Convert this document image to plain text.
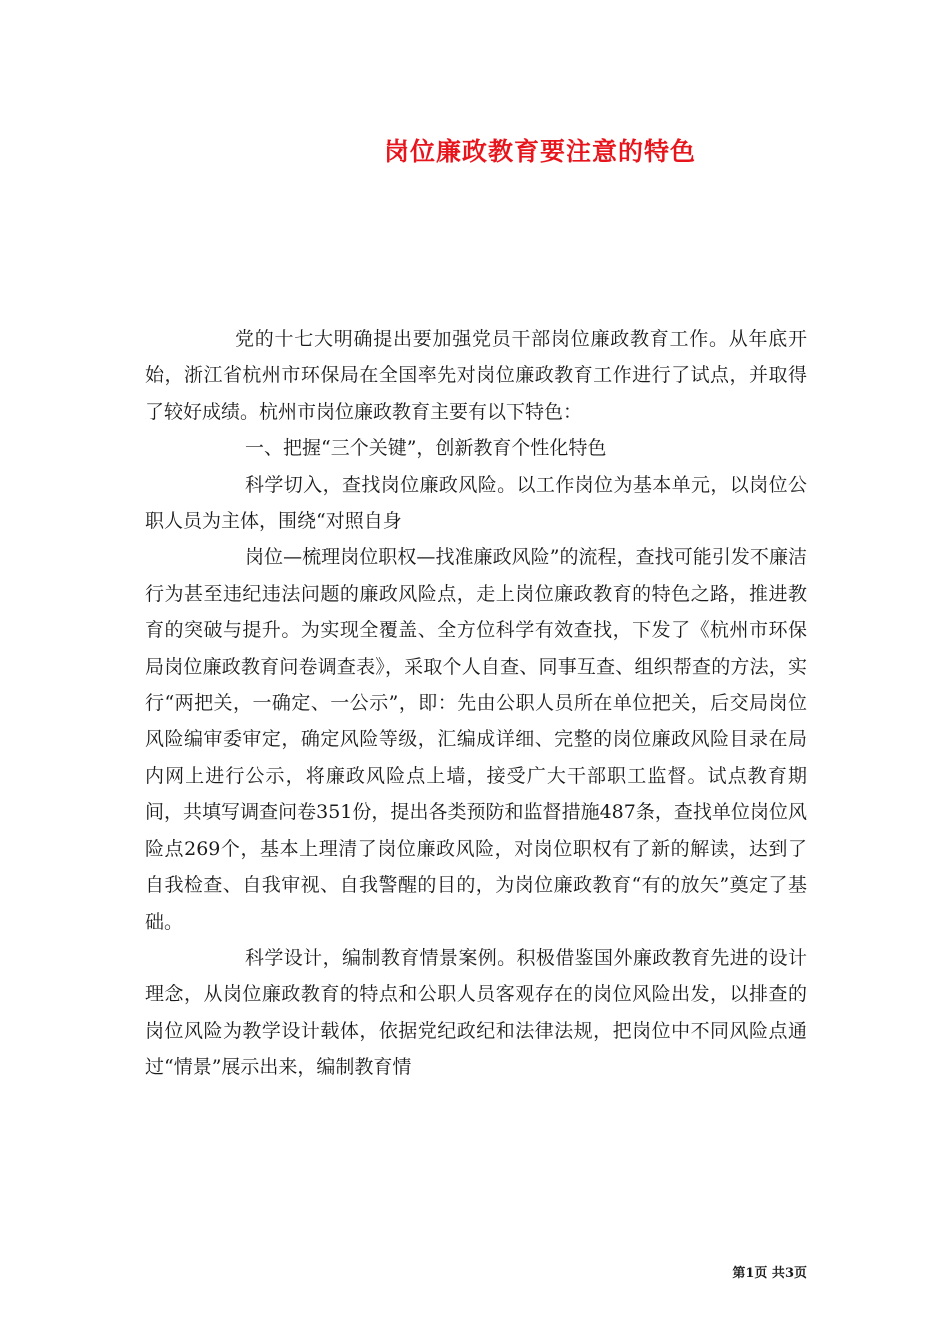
岗位廉政教育要注意的特色

党的十七大明确提出要加强党员干部岗位廉政教育工作。从年底开始，浙江省杭州市环保局在全国率先对岗位廉政教育工作进行了试点，并取得了较好成绩。杭州市岗位廉政教育主要有以下特色：

一、把握“三个关键”，创新教育个性化特色

科学切入，查找岗位廉政风险。以工作岗位为基本单元，以岗位公职人员为主体，围绕“对照自身

岗位—梳理岗位职权—找准廉政风险”的流程，查找可能引发不廉洁行为甚至违纪违法问题的廉政风险点，走上岗位廉政教育的特色之路，推进教育的突破与提升。为实现全覆盖、全方位科学有效查找，下发了《杭州市环保局岗位廉政教育问卷调查表》，采取个人自查、同事互查、组织帮查的方法，实行“两把关，一确定、一公示”，即：先由公职人员所在单位把关，后交局岗位风险编审委审定，确定风险等级，汇编成详细、完整的岗位廉政风险目录在局内网上进行公示，将廉政风险点上墙，接受广大干部职工监督。试点教育期间，共填写调查问卷351份，提出各类预防和监督措施487条，查找单位岗位风险点269个，基本上理清了岗位廉政风险，对岗位职权有了新的解读，达到了自我检查、自我审视、自我警醒的目的，为岗位廉政教育“有的放矢”奠定了基础。

科学设计，编制教育情景案例。积极借鉴国外廉政教育先进的设计理念，从岗位廉政教育的特点和公职人员客观存在的岗位风险出发，以排查的岗位风险为教学设计载体，依据党纪政纪和法律法规，把岗位中不同风险点通过“情景”展示出来，编制教育情

第1页 共3页
